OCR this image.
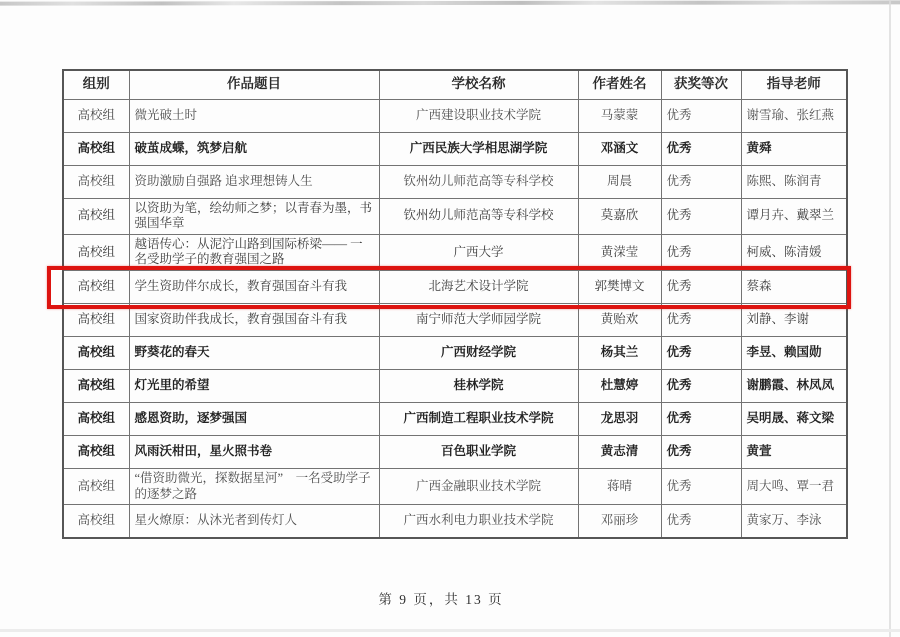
组别	作品题目	学校名称	作者姓名	获奖等次	指导老师
高校组	微光破土时	广西建设职业技术学院	马蒙蒙	优秀	谢雪瑜、张红燕
高校组	破茧成蝶，筑梦启航	广西民族大学相思湖学院	邓涵文	优秀	黄舜
高校组	资助激励自强路 追求理想铸人生	钦州幼儿师范高等专科学校	周晨	优秀	陈熙、陈润青
高校组	以资助为笔，绘幼师之梦；以青春为墨，书强国华章	钦州幼儿师范高等专科学校	莫嘉欣	优秀	谭月卉、戴翠兰
高校组	越语传心：从泥泞山路到国际桥梁—— 一名受助学子的教育强国之路	广西大学	黄溁莹	优秀	柯威、陈清媛
高校组	学生资助伴尔成长，教育强国奋斗有我	北海艺术设计学院	郭樊博文	优秀	蔡森
高校组	国家资助伴我成长，教育强国奋斗有我	南宁师范大学师园学院	黄贻欢	优秀	刘静、李谢
高校组	野葵花的春天	广西财经学院	杨其兰	优秀	李昱、赖国勋
高校组	灯光里的希望	桂林学院	杜慧婷	优秀	谢鹏霞、林凤凤
高校组	感恩资助，逐梦强国	广西制造工程职业技术学院	龙思羽	优秀	吴明晟、蒋文梁
高校组	风雨沃柑田，星火照书卷	百色职业学院	黄志清	优秀	黄萱
高校组	“借资助微光，探数据星河”　一名受助学子的逐梦之路	广西金融职业技术学院	蒋晴	优秀	周大鸣、覃一君
高校组	星火燎原：从沐光者到传灯人	广西水利电力职业技术学院	邓丽珍	优秀	黄家万、李泳
第 9 页，共 13 页
